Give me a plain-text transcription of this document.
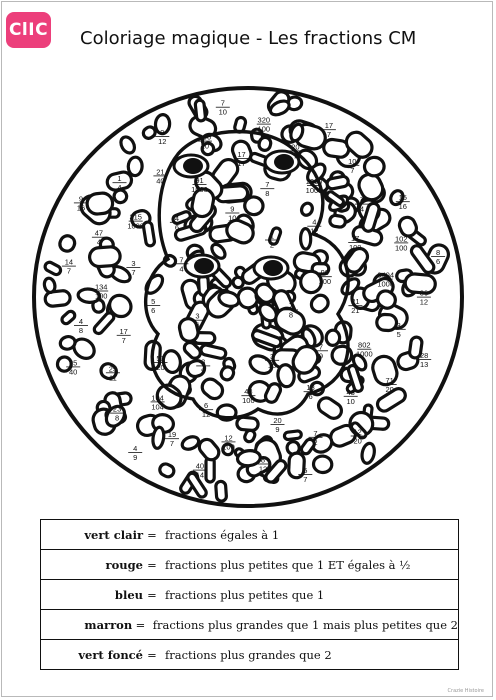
ClIC Coloriage magique - Les fractions CM
7
8
3
6
1
2
3
10
7
4	90
100
3
9
9
10
7
9
5
6
4
12
48
100
4
6
21
21
51
20
7
8
13
6
3
7
17
100
6
12
91
1000
802
1000
17
7
1000
1000
20
9
315
1000
3404
1000
104
104
17
17
43
10
134
100
7
4
12
100
21
40
3
5
25
11
20
7
7
2
47
4	102
100
19
7
100
20
71
20
4
8
10
7
8
12
1
4
36
12
23
8
320
100
12
20
14
7
15
16
40
14
9
12
28
13
25
40
17
7
5
7
9
16
8
6
4
9
7
10
vert clair = fractions égales à 1
rouge = fractions plus petites que 1 ET égales à ½
bleu = fractions plus petites que 1
marron = fractions plus grandes que 1 mais plus petites que 2
vert foncé = fractions plus grandes que 2
Crazie Histoire
